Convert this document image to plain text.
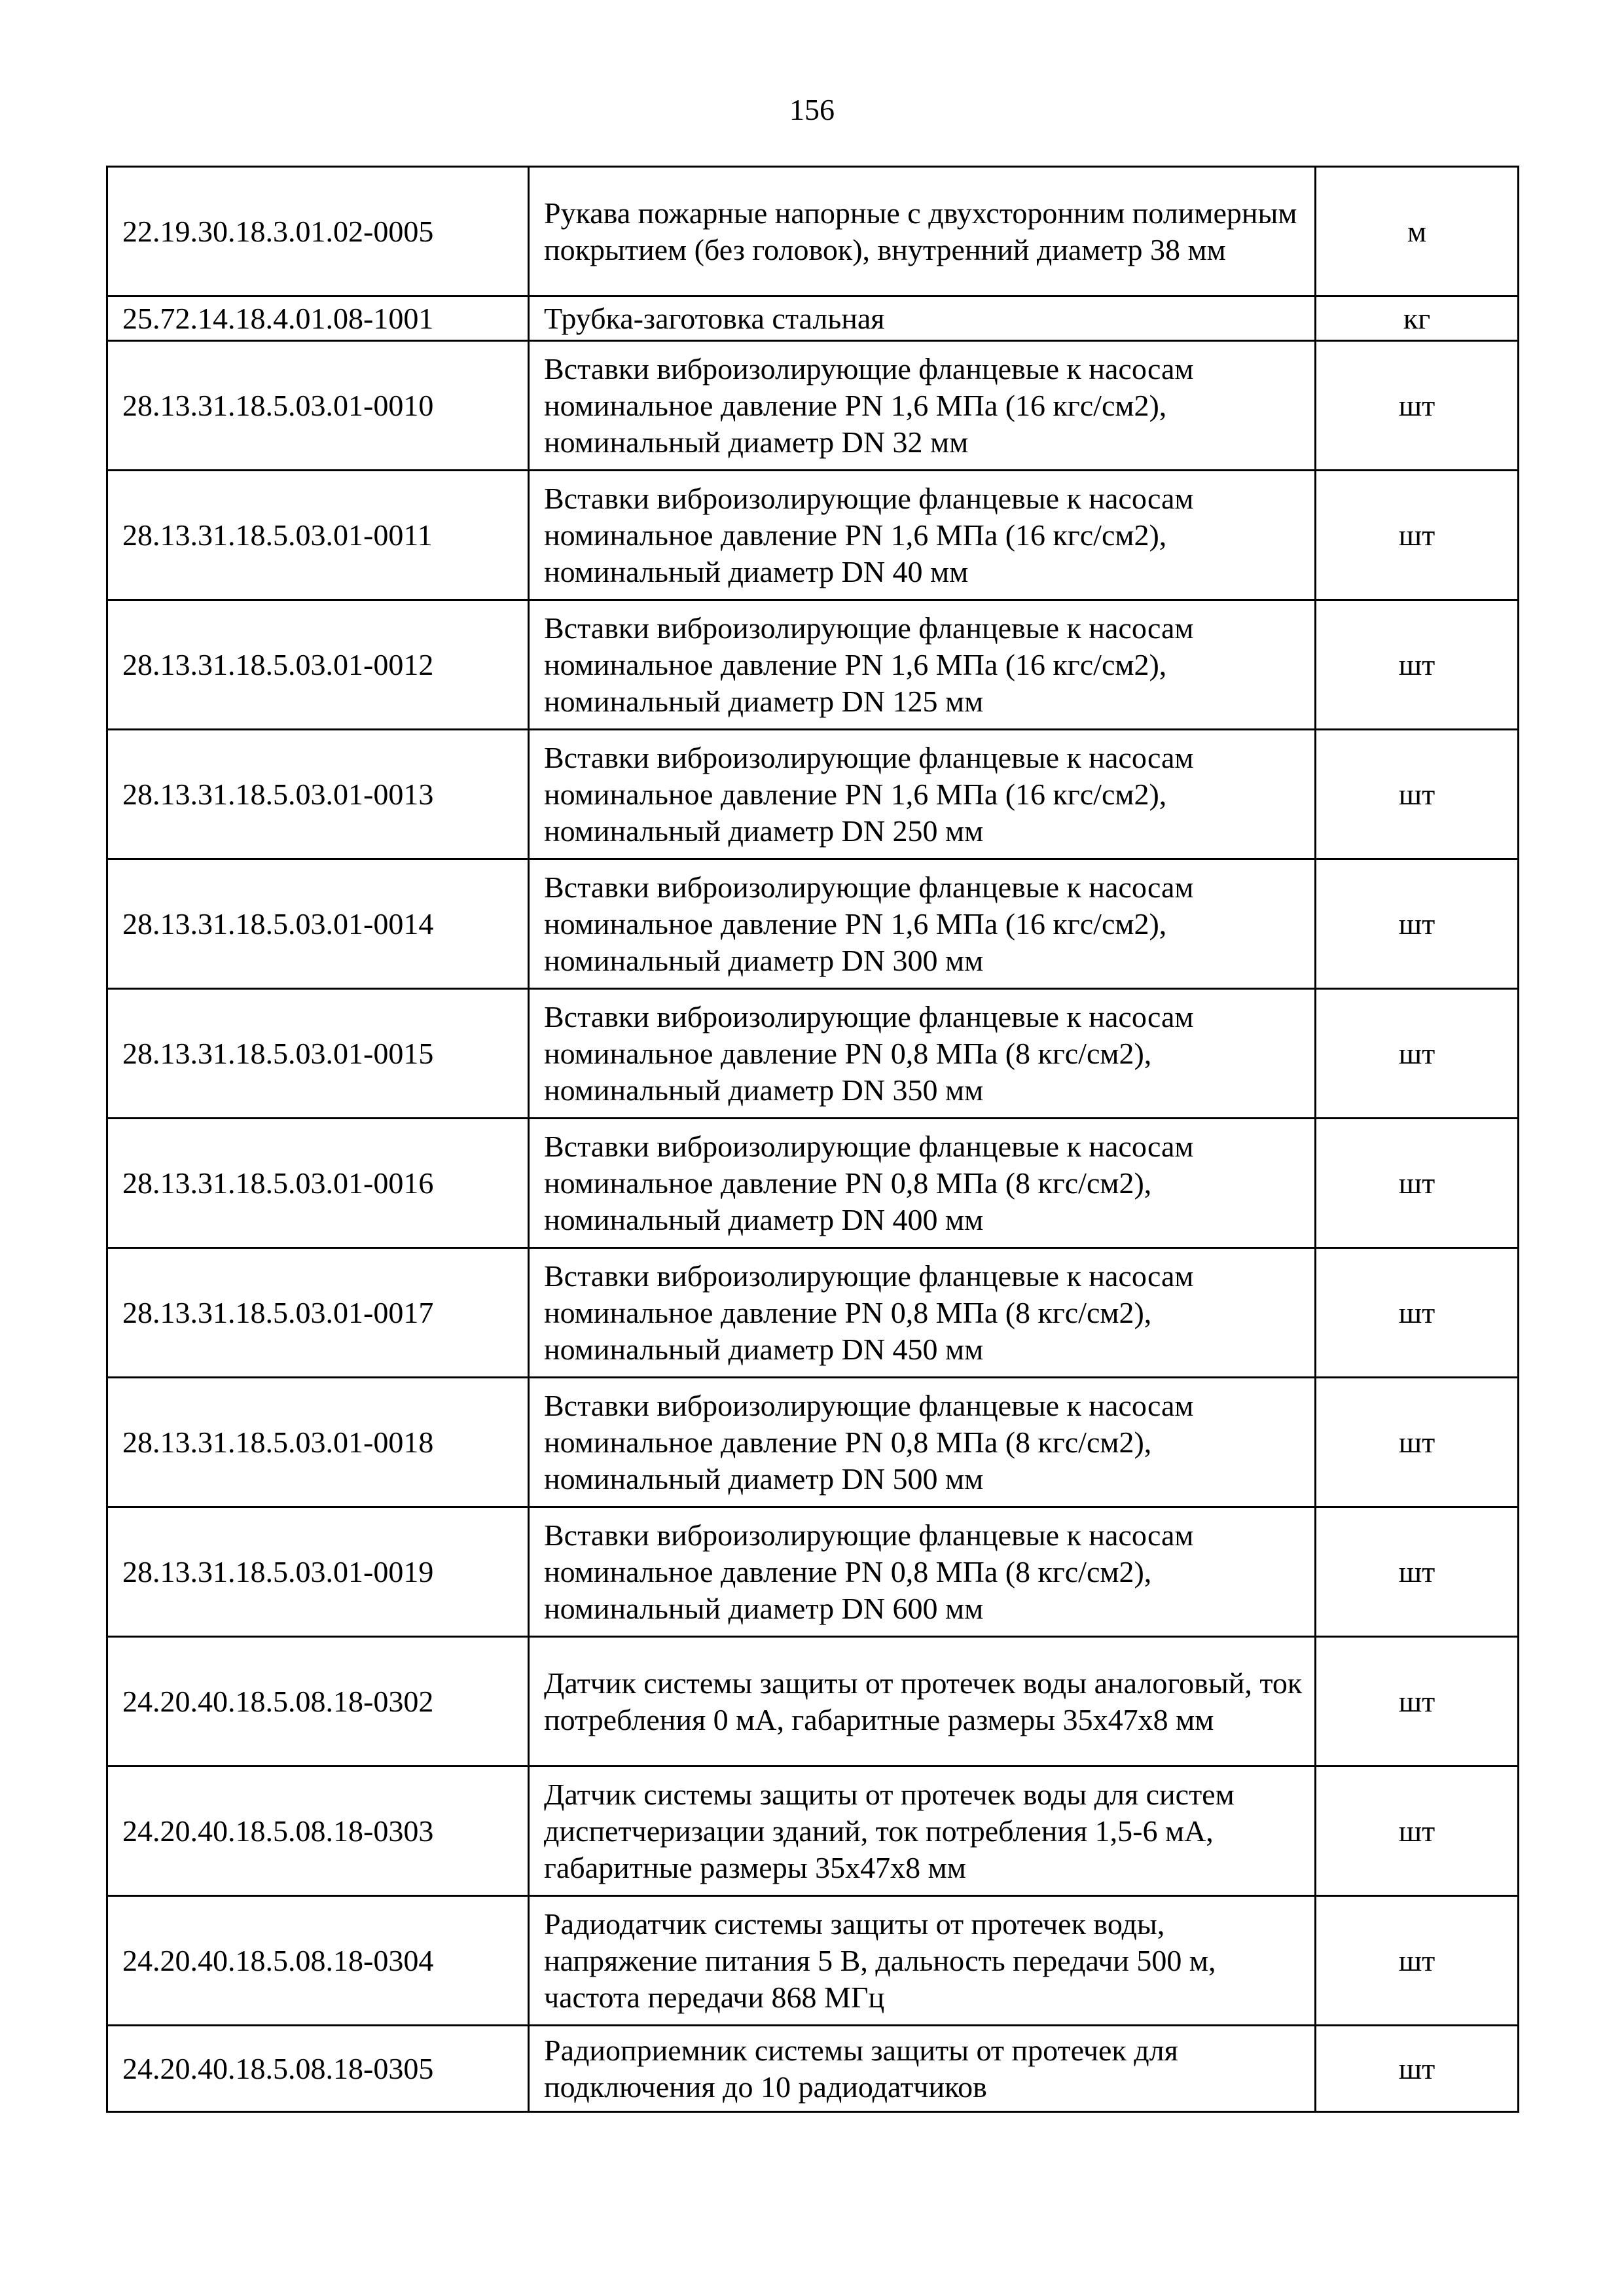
156
22.19.30.18.3.01.02-0005	Рукава пожарные напорные с двухсторонним полимерным покрытием (без головок), внутренний диаметр 38 мм	м
25.72.14.18.4.01.08-1001	Трубка-заготовка стальная	кг
28.13.31.18.5.03.01-0010	Вставки виброизолирующие фланцевые к насосам номинальное давление PN 1,6 МПа (16 кгс/см2), номинальный диаметр DN 32 мм	шт
28.13.31.18.5.03.01-0011	Вставки виброизолирующие фланцевые к насосам номинальное давление PN 1,6 МПа (16 кгс/см2), номинальный диаметр DN 40 мм	шт
28.13.31.18.5.03.01-0012	Вставки виброизолирующие фланцевые к насосам номинальное давление PN 1,6 МПа (16 кгс/см2), номинальный диаметр DN 125 мм	шт
28.13.31.18.5.03.01-0013	Вставки виброизолирующие фланцевые к насосам номинальное давление PN 1,6 МПа (16 кгс/см2), номинальный диаметр DN 250 мм	шт
28.13.31.18.5.03.01-0014	Вставки виброизолирующие фланцевые к насосам номинальное давление PN 1,6 МПа (16 кгс/см2), номинальный диаметр DN 300 мм	шт
28.13.31.18.5.03.01-0015	Вставки виброизолирующие фланцевые к насосам номинальное давление PN 0,8 МПа (8 кгс/см2), номинальный диаметр DN 350 мм	шт
28.13.31.18.5.03.01-0016	Вставки виброизолирующие фланцевые к насосам номинальное давление PN 0,8 МПа (8 кгс/см2), номинальный диаметр DN 400 мм	шт
28.13.31.18.5.03.01-0017	Вставки виброизолирующие фланцевые к насосам номинальное давление PN 0,8 МПа (8 кгс/см2), номинальный диаметр DN 450 мм	шт
28.13.31.18.5.03.01-0018	Вставки виброизолирующие фланцевые к насосам номинальное давление PN 0,8 МПа (8 кгс/см2), номинальный диаметр DN 500 мм	шт
28.13.31.18.5.03.01-0019	Вставки виброизолирующие фланцевые к насосам номинальное давление PN 0,8 МПа (8 кгс/см2), номинальный диаметр DN 600 мм	шт
24.20.40.18.5.08.18-0302	Датчик системы защиты от протечек воды аналоговый, ток потребления 0 мА, габаритные размеры 35x47x8 мм	шт
24.20.40.18.5.08.18-0303	Датчик системы защиты от протечек воды для систем диспетчеризации зданий, ток потребления 1,5-6 мА, габаритные размеры 35x47x8 мм	шт
24.20.40.18.5.08.18-0304	Радиодатчик системы защиты от протечек воды, напряжение питания 5 В, дальность передачи 500 м, частота передачи 868 МГц	шт
24.20.40.18.5.08.18-0305	Радиоприемник системы защиты от протечек для подключения до 10 радиодатчиков	шт
